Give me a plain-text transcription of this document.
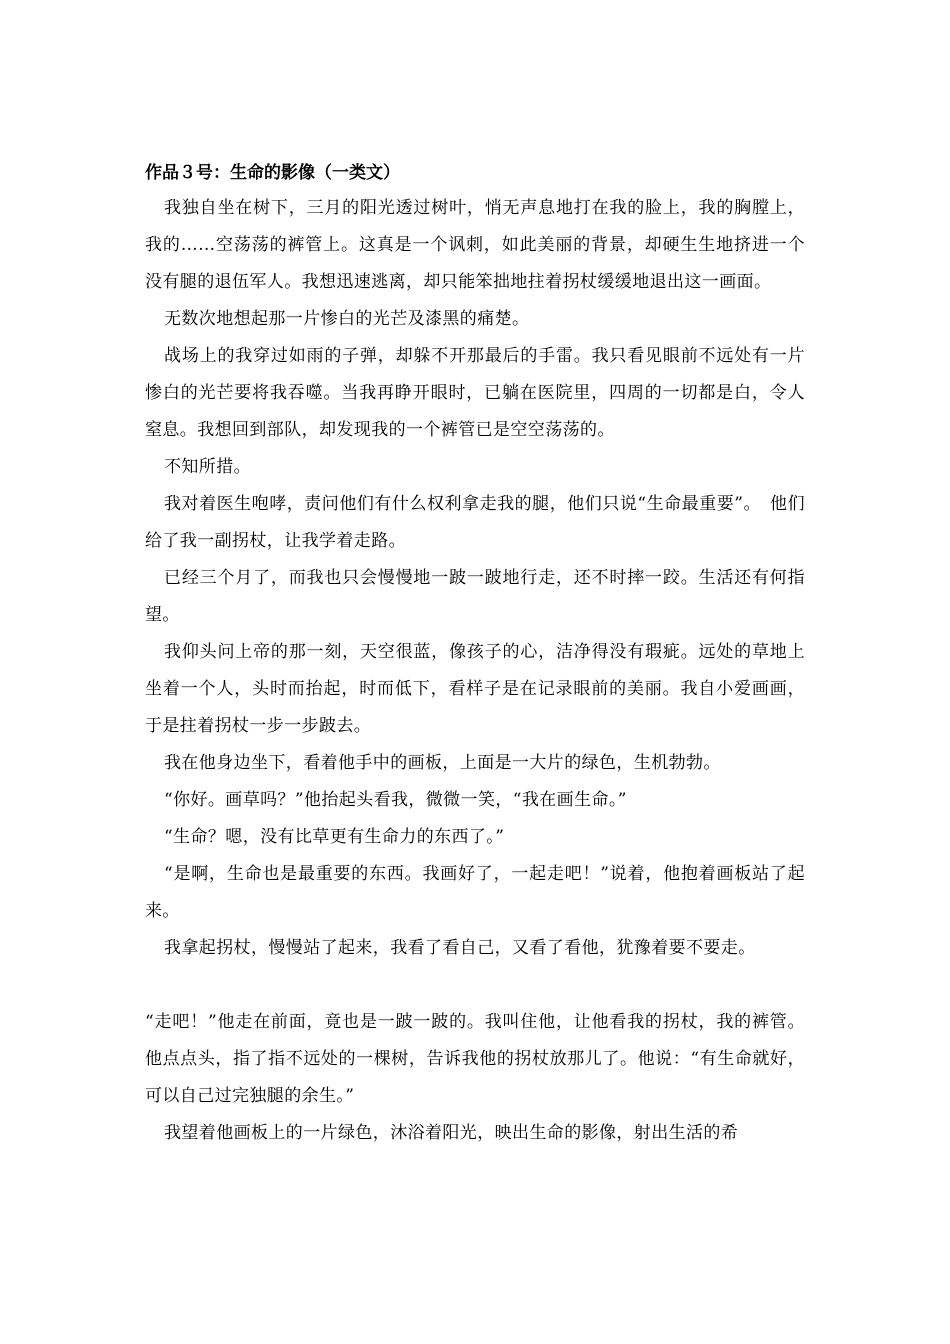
作品３号：生命的影像（一类文）

我独自坐在树下，三月的阳光透过树叶，悄无声息地打在我的脸上，我的胸膛上，我的……空荡荡的裤管上。这真是一个讽刺，如此美丽的背景，却硬生生地挤进一个没有腿的退伍军人。我想迅速逃离，却只能笨拙地拄着拐杖缓缓地退出这一画面。

无数次地想起那一片惨白的光芒及漆黑的痛楚。

战场上的我穿过如雨的子弹，却躲不开那最后的手雷。我只看见眼前不远处有一片惨白的光芒要将我吞噬。当我再睁开眼时，已躺在医院里，四周的一切都是白，令人窒息。我想回到部队，却发现我的一个裤管已是空空荡荡的。

不知所措。

我对着医生咆哮，责问他们有什么权利拿走我的腿，他们只说“生命最重要”。　他们给了我一副拐杖，让我学着走路。

已经三个月了，而我也只会慢慢地一跛一跛地行走，还不时摔一跤。生活还有何指望。

我仰头问上帝的那一刻，天空很蓝，像孩子的心，洁净得没有瑕疵。远处的草地上坐着一个人，头时而抬起，时而低下，看样子是在记录眼前的美丽。我自小爱画画，于是拄着拐杖一步一步跛去。

我在他身边坐下，看着他手中的画板，上面是一大片的绿色，生机勃勃。

“你好。画草吗？”他抬起头看我，微微一笑，“我在画生命。”

“生命？嗯，没有比草更有生命力的东西了。”

“是啊，生命也是最重要的东西。我画好了，一起走吧！”说着，他抱着画板站了起来。

我拿起拐杖，慢慢站了起来，我看了看自己，又看了看他，犹豫着要不要走。

“走吧！”他走在前面，竟也是一跛一跛的。我叫住他，让他看我的拐杖，我的裤管。他点点头，指了指不远处的一棵树，告诉我他的拐杖放那儿了。他说：“有生命就好，可以自己过完独腿的余生。”

我望着他画板上的一片绿色，沐浴着阳光，映出生命的影像，射出生活的希
